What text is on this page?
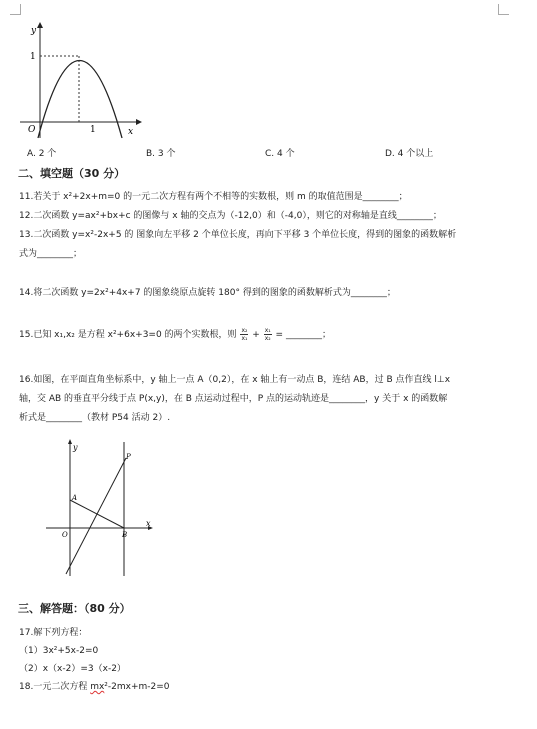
y
1
O	1	x
A. 2 个	B. 3 个	C. 4 个	D. 4 个以上
二、填空题（30 分）
11.若关于 x²+2x+m=0 的一元二次方程有两个不相等的实数根，则 m 的取值范围是________；
12.二次函数 y=ax²+bx+c 的图像与 x 轴的交点为（-12,0）和（-4,0），则它的对称轴是直线________；
13.二次函数 y=x²-2x+5 的 图象向左平移 2 个单位长度，再向下平移 3 个单位长度，得到的图象的函数解析
式为________；
14.将二次函数 y=2x²+4x+7 的图象绕原点旋转 180° 得到的图象的函数解析式为________；
15.已知 x₁,x₂ 是方程 x²+6x+3=0 的两个实数根，则 $\frac{\text{x₂}}{\text{x₁}} + \frac{\text{x₁}}{\text{x₂}}$ = ________；
16.如图，在平面直角坐标系中，y 轴上一点 A（0,2），在 x 轴上有一动点 B，连结 AB，过 B 点作直线 l⊥x
轴，交 AB 的垂直平分线于点 P(x,y)，在 B 点运动过程中，P 点的运动轨迹是________，y 关于 x 的函数解
析式是________（教材 P54 活动 2）.
y
P
A
O	B
x
三、解答题：（80 分）
17.解下列方程：
（1）3x²+5x-2=0
（2）x（x-2）=3（x-2）
18.一元二次方程 mx²-2mx+m-2=0
